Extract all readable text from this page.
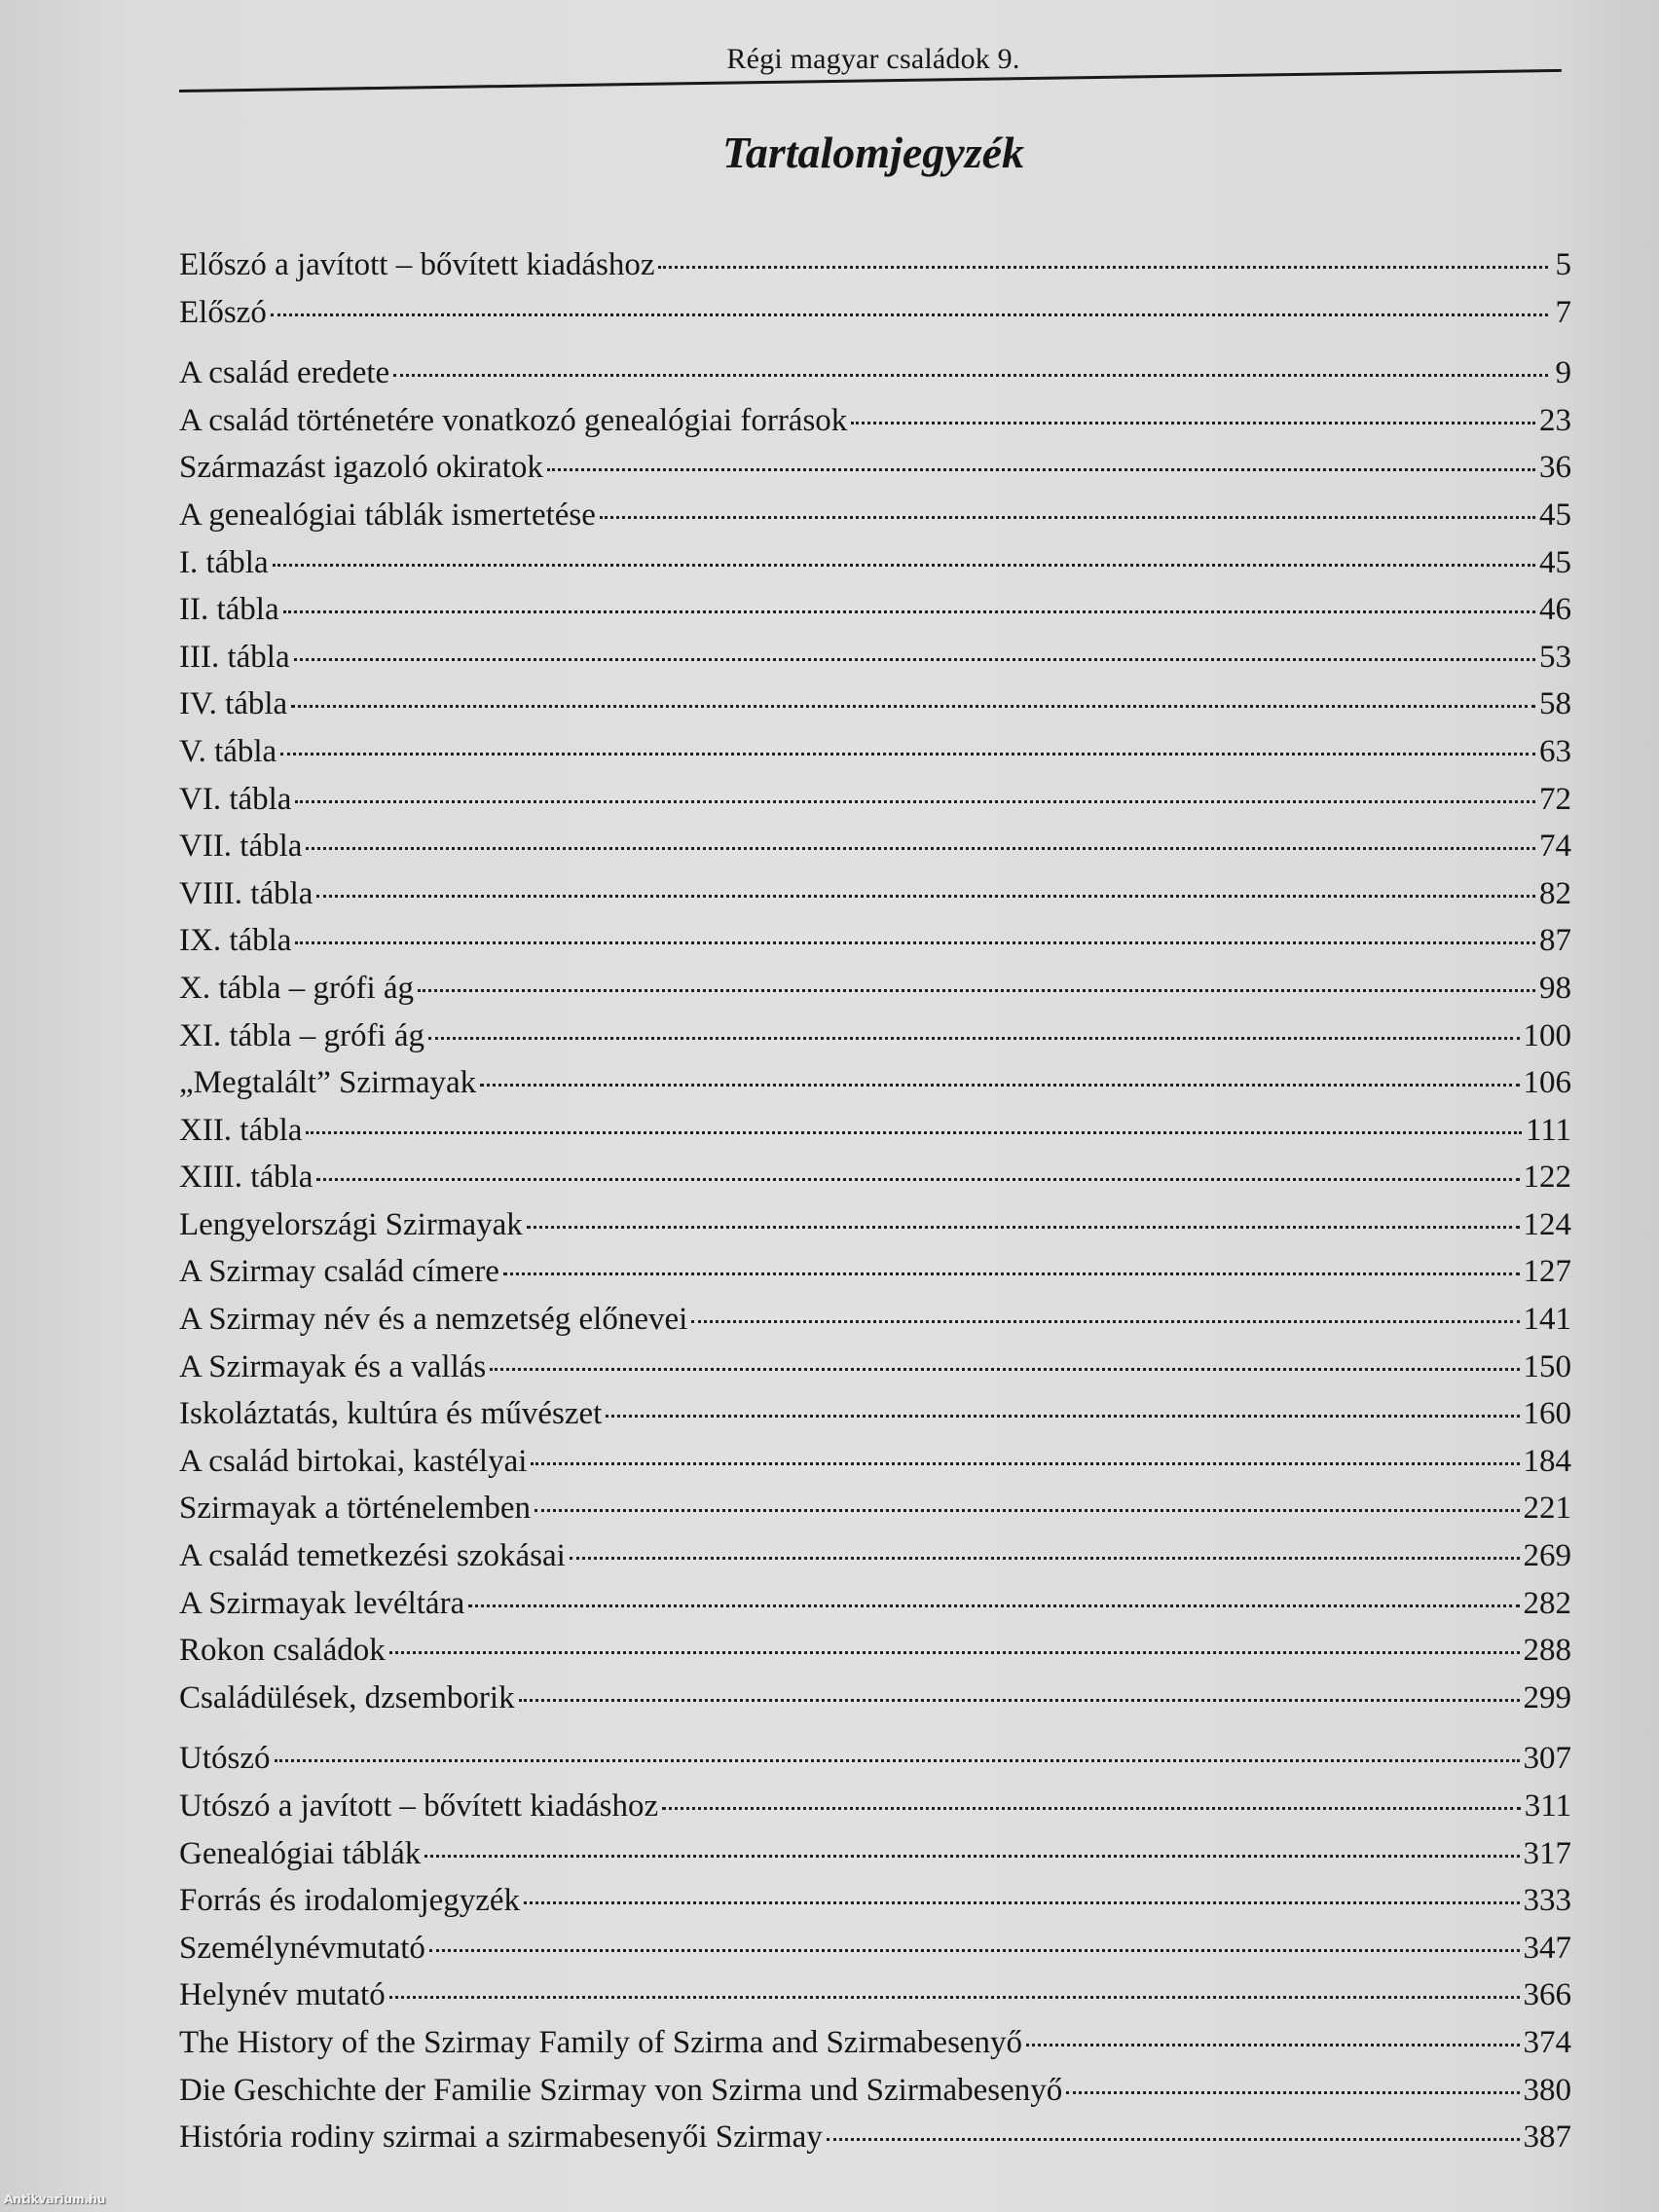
Régi magyar családok 9.
Tartalomjegyzék
Előszó a javított – bővített kiadáshoz	5
Előszó	7
A család eredete	9
A család történetére vonatkozó genealógiai források	23
Származást igazoló okiratok	36
A genealógiai táblák ismertetése	45
I. tábla	45
II. tábla	46
III. tábla	53
IV. tábla	58
V. tábla	63
VI. tábla	72
VII. tábla	74
VIII. tábla	82
IX. tábla	87
X. tábla – grófi ág	98
XI. tábla – grófi ág	100
„Megtalált” Szirmayak	106
XII. tábla	111
XIII. tábla	122
Lengyelországi Szirmayak	124
A Szirmay család címere	127
A Szirmay név és a nemzetség előnevei	141
A Szirmayak és a vallás	150
Iskoláztatás, kultúra és művészet	160
A család birtokai, kastélyai	184
Szirmayak a történelemben	221
A család temetkezési szokásai	269
A Szirmayak levéltára	282
Rokon családok	288
Családülések, dzsemborik	299
Utószó	307
Utószó a javított – bővített kiadáshoz	311
Genealógiai táblák	317
Forrás és irodalomjegyzék	333
Személynévmutató	347
Helynév mutató	366
The History of the Szirmay Family of Szirma and Szirmabesenyő	374
Die Geschichte der Familie Szirmay von Szirma und Szirmabesenyő	380
História rodiny szirmai a szirmabesenyői Szirmay	387
Antikvarium.hu
